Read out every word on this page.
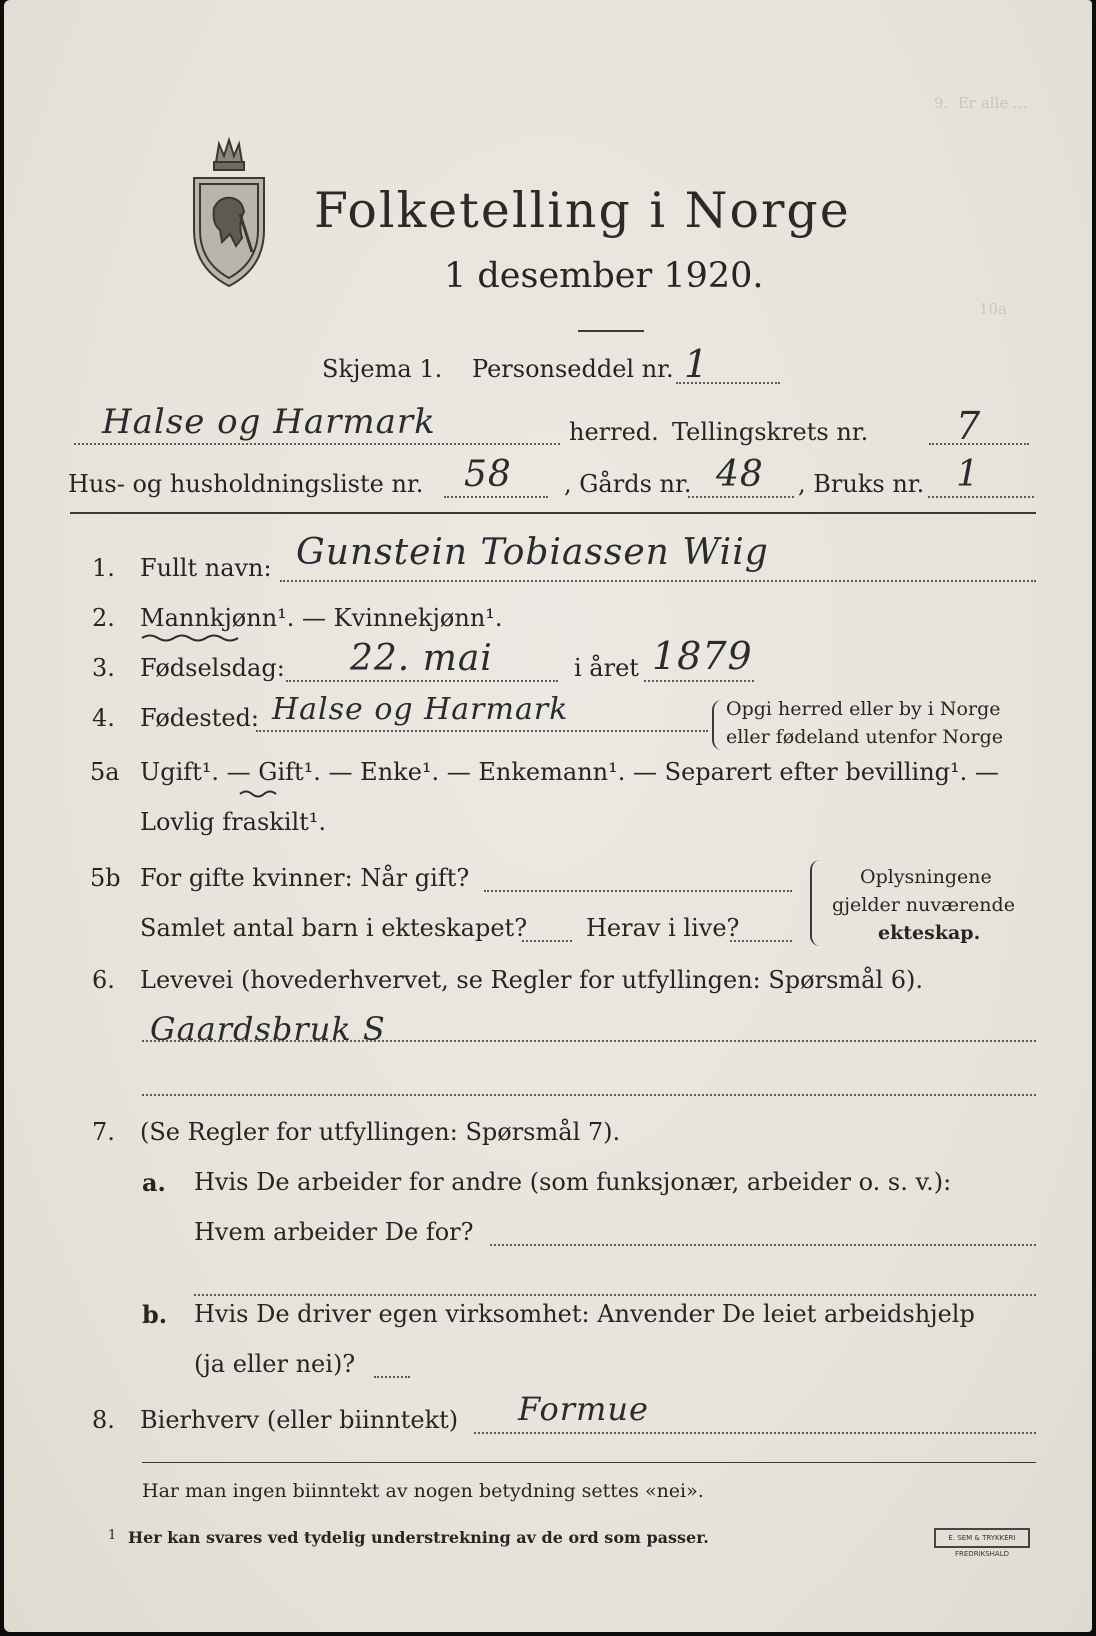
9.  Er alle ...
10a
Folketelling i Norge
1 desember 1920.
Skjema 1. Personseddel nr. 1
Halse og Harmark	herred. Tellingskrets nr. 7
Hus- og husholdningsliste nr. 58 , Gårds nr. 48 , Bruks nr. 1
1. Fullt navn: Gunstein Tobiassen Wiig
2. Mannkjønn¹. — Kvinnekjønn¹.
3. Fødselsdag: 22. mai	i året 1879
4. Fødested: Halse og Harmark	Opgi herred eller by i Norge
eller fødeland utenfor Norge
5a Ugift¹. — Gift¹. — Enke¹. — Enkemann¹. — Separert efter bevilling¹. —
Lovlig fraskilt¹.
5b For gifte kvinner: Når gift?
Samlet antal barn i ekteskapet? Herav i live?
Oplysningene
gjelder nuværende
ekteskap.
6. Levevei (hovederhvervet, se Regler for utfyllingen: Spørsmål 6).
Gaardsbruk S
7. (Se Regler for utfyllingen: Spørsmål 7).
a. Hvis De arbeider for andre (som funksjonær, arbeider o. s. v.):
Hvem arbeider De for?
b. Hvis De driver egen virksomhet: Anvender De leiet arbeidshjelp
(ja eller nei)?
8. Bierhverv (eller biinntekt) Formue
Har man ingen biinntekt av nogen betydning settes «nei».
1 Her kan svares ved tydelig understrekning av de ord som passer.	E. SEM & TRYKKERI FREDRIKSHALD
